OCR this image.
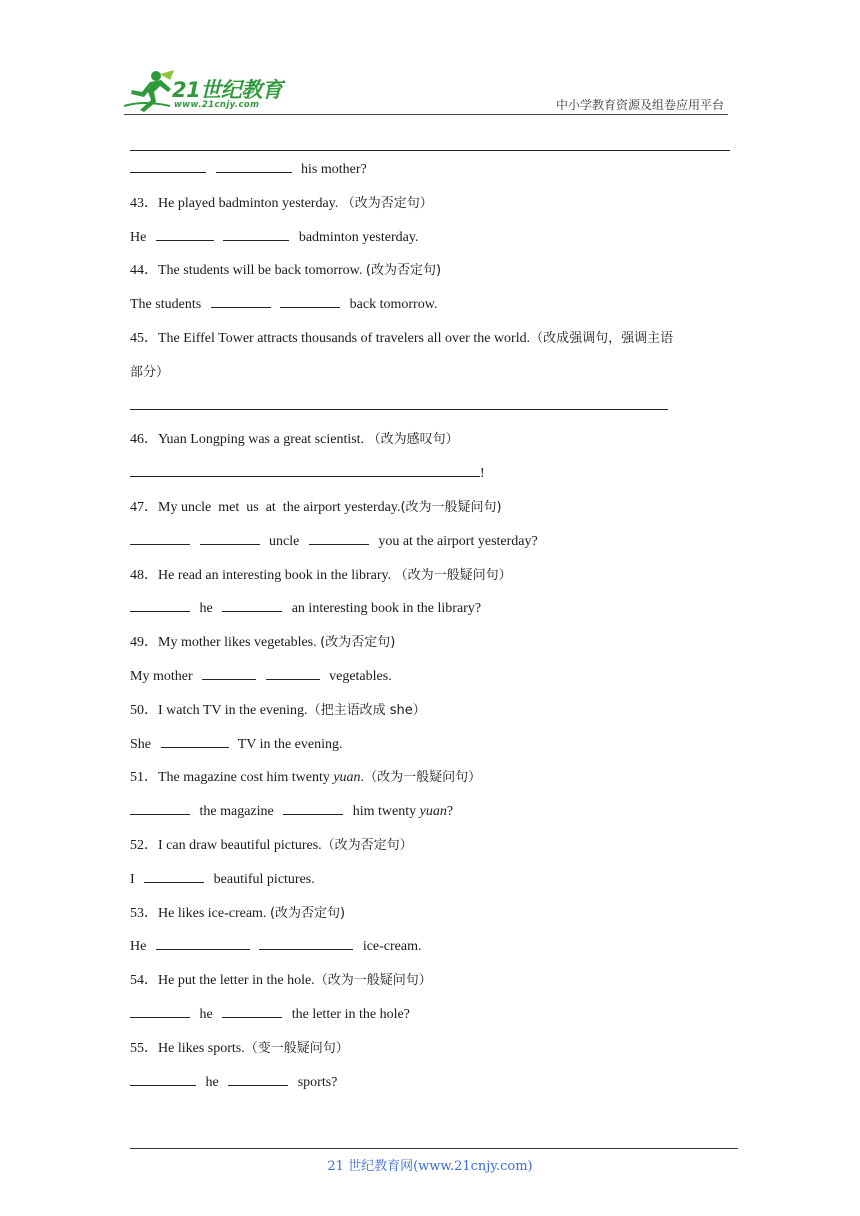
21世纪教育
www.21cnjy.com	中小学教育资源及组卷应用平台
his mother?
43．He played badminton yesterday. （改为否定句）
He	badminton yesterday.
44．The students will be back tomorrow. (改为否定句)
The students	back tomorrow.
45．The Eiffel Tower attracts thousands of travelers all over the world.（改成强调句，强调主语
部分）
46．Yuan Longping was a great scientist. （改为感叹句）
!
47．My uncle  met  us  at  the airport yesterday.(改为一般疑问句)
uncle	you at the airport yesterday?
48．He read an interesting book in the library. （改为一般疑问句）
he	an interesting book in the library?
49．My mother likes vegetables. (改为否定句)
My mother	vegetables.
50．I watch TV in the evening.（把主语改成 she）
She	TV in the evening.
51．The magazine cost him twenty yuan.（改为一般疑问句）
the magazine	him twenty yuan?
52．I can draw beautiful pictures.（改为否定句）
I	beautiful pictures.
53．He likes ice-cream. (改为否定句)
He	ice-cream.
54．He put the letter in the hole.（改为一般疑问句）
he	the letter in the hole?
55．He likes sports.（变一般疑问句）
he	sports?
21 世纪教育网(www.21cnjy.com)
